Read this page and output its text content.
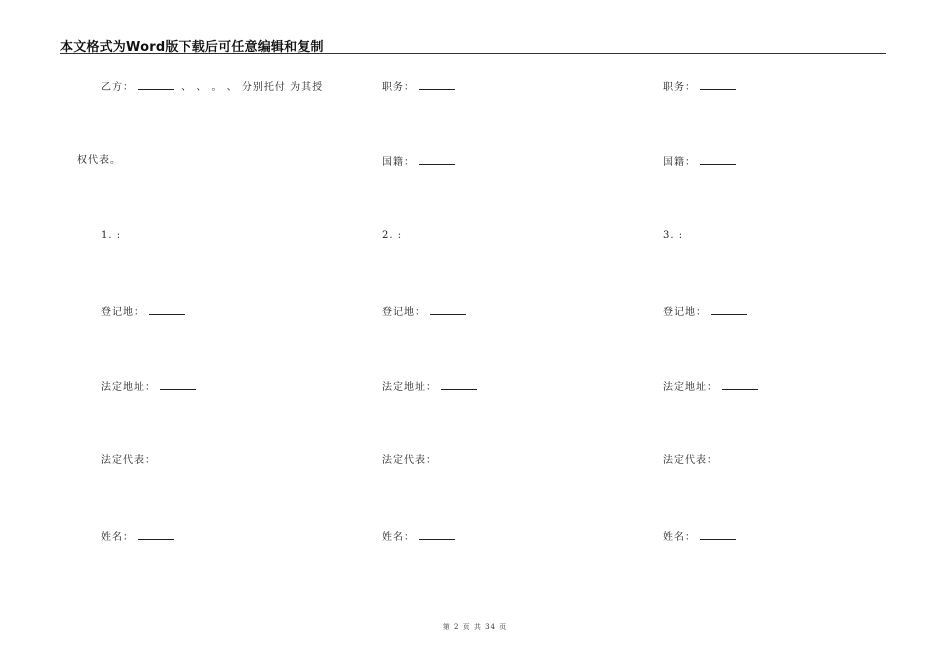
本文格式为Word版下载后可任意编辑和复制
乙方：	、 、 。 、 分别托付 为其授
权代表。
1. :
登记地：
法定地址：
法定代表：
姓名：
职务：
国籍：
2. :
登记地：
法定地址：
法定代表：
姓名：
职务：
国籍：
3. :
登记地：
法定地址：
法定代表：
姓名：
第 2 页 共 34 页
